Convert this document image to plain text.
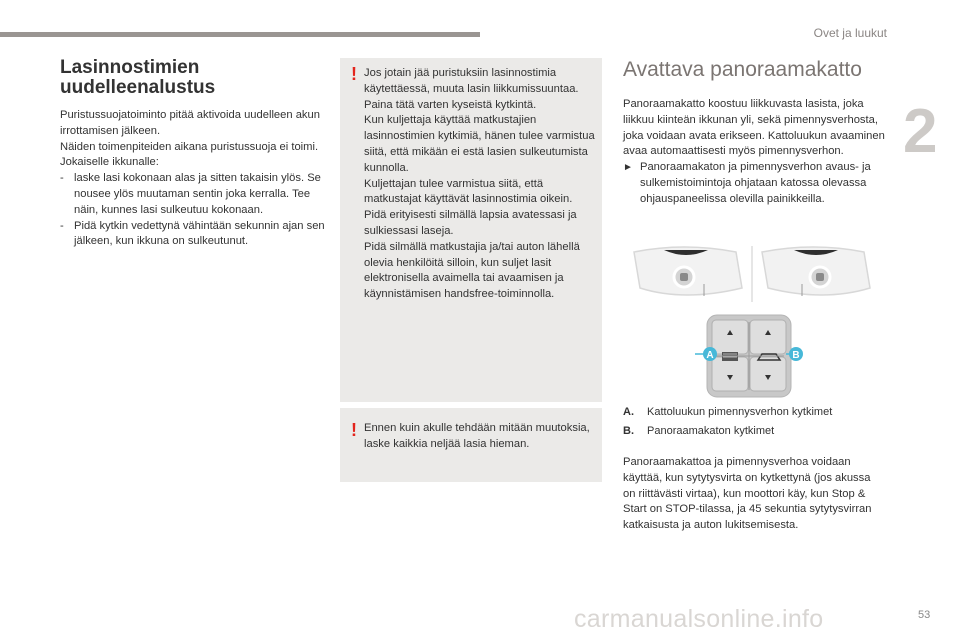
Ovet ja luukut
2
Lasinnostimien
uudelleenalustus

Puristussuojatoiminto pitää aktivoida uudelleen akun irrottamisen jälkeen.

Näiden toimenpiteiden aikana puristussuoja ei toimi.

Jokaiselle ikkunalle:

- laske lasi kokonaan alas ja sitten takaisin ylös. Se nousee ylös muutaman sentin joka kerralla. Tee näin, kunnes lasi sulkeutuu kokonaan.
- Pidä kytkin vedettynä vähintään sekunnin ajan sen jälkeen, kun ikkuna on sulkeutunut.
! Jos jotain jää puristuksiin lasinnostimia käytettäessä, muuta lasin liikkumissuuntaa. Paina tätä varten kyseistä kytkintä.
Kun kuljettaja käyttää matkustajien lasinnostimien kytkimiä, hänen tulee varmistua siitä, että mikään ei estä lasien sulkeutumista kunnolla.
Kuljettajan tulee varmistua siitä, että matkustajat käyttävät lasinnostimia oikein.
Pidä erityisesti silmällä lapsia avatessasi ja sulkiessasi laseja.
Pidä silmällä matkustajia ja/tai auton lähellä olevia henkilöitä silloin, kun suljet lasit elektronisella avaimella tai avaamisen ja käynnistämisen handsfree-toiminnolla.
! Ennen kuin akulle tehdään mitään muutoksia, laske kaikkia neljää lasia hieman.
Avattava panoraamakatto

Panoraamakatto koostuu liikkuvasta lasista, joka liikkuu kiinteän ikkunan yli, sekä pimennysverhosta, joka voidaan avata erikseen. Kattoluukun avaaminen avaa automaattisesti myös pimennysverhon.

► Panoraamakaton ja pimennysverhon avaus- ja sulkemistoimintoja ohjataan katossa olevassa ohjauspaneelissa olevilla painikkeilla.
A	B
A.	Kattoluukun pimennysverhon kytkimet
B.	Panoraamakaton kytkimet

Panoraamakattoa ja pimennysverhoa voidaan käyttää, kun sytytysvirta on kytkettynä (jos akussa on riittävästi virtaa), kun moottori käy, kun Stop & Start on STOP-tilassa, ja 45 sekuntia sytytysvirran katkaisusta ja auton lukitsemisesta.

carmanualsonline.info	53
